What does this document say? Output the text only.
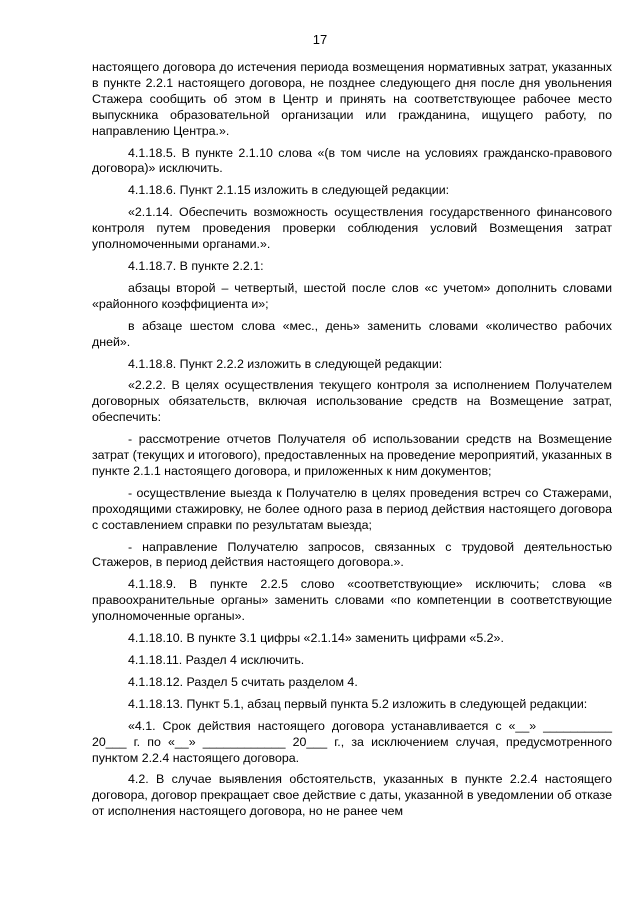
17

настоящего договора до истечения периода возмещения нормативных затрат, указанных в пункте 2.2.1 настоящего договора, не позднее следующего дня после дня увольнения Стажера сообщить об этом в Центр и принять на соответствующее рабочее место выпускника образовательной организации или гражданина, ищущего работу, по направлению Центра.».

4.1.18.5. В пункте 2.1.10 слова «(в том числе на условиях гражданско-правового договора)» исключить.

4.1.18.6. Пункт 2.1.15 изложить в следующей редакции:

«2.1.14. Обеспечить возможность осуществления государственного финансового контроля путем проведения проверки соблюдения условий Возмещения затрат уполномоченными органами.».

4.1.18.7. В пункте 2.2.1:

абзацы второй – четвертый, шестой после слов «с учетом» дополнить словами «районного коэффициента и»;

в абзаце шестом слова «мес., день» заменить словами «количество рабочих дней».

4.1.18.8. Пункт 2.2.2 изложить в следующей редакции:

«2.2.2. В целях осуществления текущего контроля за исполнением Получателем договорных обязательств, включая использование средств на Возмещение затрат, обеспечить:

- рассмотрение отчетов Получателя об использовании средств на Возмещение затрат (текущих и итогового), предоставленных на проведение мероприятий, указанных в пункте 2.1.1 настоящего договора, и приложенных к ним документов;

- осуществление выезда к Получателю в целях проведения встреч со Стажерами, проходящими стажировку, не более одного раза в период действия настоящего договора с составлением справки по результатам выезда;

- направление Получателю запросов, связанных с трудовой деятельностью Стажеров, в период действия настоящего договора.».

4.1.18.9. В пункте 2.2.5 слово «соответствующие» исключить; слова «в правоохранительные органы» заменить словами «по компетенции в соответствующие уполномоченные органы».

4.1.18.10. В пункте 3.1 цифры «2.1.14» заменить цифрами «5.2».

4.1.18.11. Раздел 4 исключить.

4.1.18.12. Раздел 5 считать разделом 4.

4.1.18.13. Пункт 5.1, абзац первый пункта 5.2 изложить в следующей редакции:

«4.1. Срок действия настоящего договора устанавливается с «__» __________ 20___ г. по «__» ____________ 20___ г., за исключением случая, предусмотренного пунктом 2.2.4 настоящего договора.

4.2. В случае выявления обстоятельств, указанных в пункте 2.2.4 настоящего договора, договор прекращает свое действие с даты, указанной в уведомлении об отказе от исполнения настоящего договора, но не ранее чем
